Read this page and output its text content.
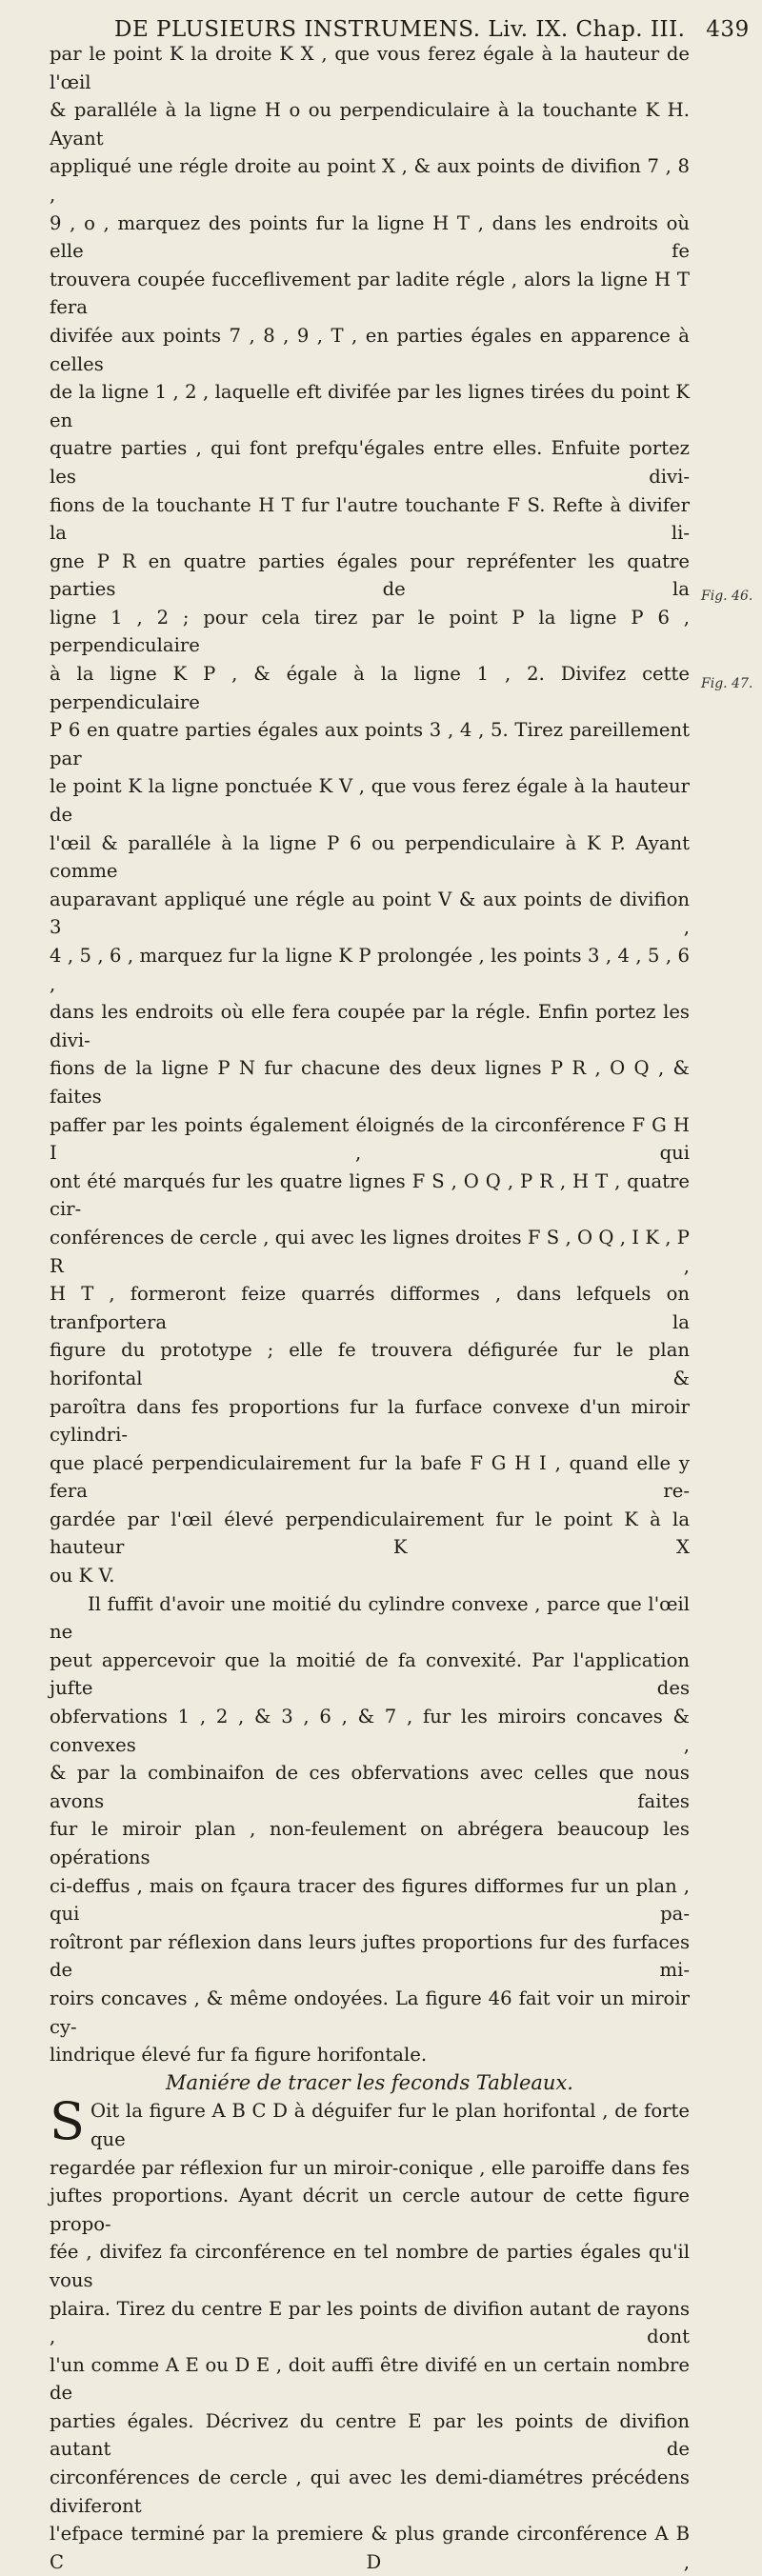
DE PLUSIEURS INSTRUMENS. Liv. IX. Chap. III. 439

par le point K la droite K X , que vous ferez égale à la hauteur de l'œil

& paralléle à la ligne H o ou perpendiculaire à la touchante K H. Ayant

appliqué une régle droite au point X , & aux points de divifion 7 , 8 ,

9 , o , marquez des points fur la ligne H T , dans les endroits où elle fe

trouvera coupée fucceflivement par ladite régle , alors la ligne H T fera

divifée aux points 7 , 8 , 9 , T , en parties égales en apparence à celles

de la ligne 1 , 2 , laquelle eft divifée par les lignes tirées du point K en

quatre parties , qui font prefqu'égales entre elles. Enfuite portez les divi-

fions de la touchante H T fur l'autre touchante F S. Refte à divifer la li-

gne P R en quatre parties égales pour repréfenter les quatre parties de la

ligne 1 , 2 ; pour cela tirez par le point P la ligne P 6 , perpendiculaire

à la ligne K P , & égale à la ligne 1 , 2. Divifez cette perpendiculaire

P 6 en quatre parties égales aux points 3 , 4 , 5. Tirez pareillement par

le point K la ligne ponctuée K V , que vous ferez égale à la hauteur de

l'œil & paralléle à la ligne P 6 ou perpendiculaire à K P. Ayant comme

auparavant appliqué une régle au point V & aux points de divifion 3 ,

4 , 5 , 6 , marquez fur la ligne K P prolongée , les points 3 , 4 , 5 , 6 ,

dans les endroits où elle fera coupée par la régle. Enfin portez les divi-

fions de la ligne P N fur chacune des deux lignes P R , O Q , & faites

paffer par les points également éloignés de la circonférence F G H I , qui

ont été marqués fur les quatre lignes F S , O Q , P R , H T , quatre cir-

conférences de cercle , qui avec les lignes droites F S , O Q , I K , P R ,

H T , formeront feize quarrés difformes , dans lefquels on tranfportera la

figure du prototype ; elle fe trouvera défigurée fur le plan horifontal &

paroîtra dans fes proportions fur la furface convexe d'un miroir cylindri-

que placé perpendiculairement fur la bafe F G H I , quand elle y fera re-

gardée par l'œil élevé perpendiculairement fur le point K à la hauteur K X

ou K V.

Il fuffit d'avoir une moitié du cylindre convexe , parce que l'œil ne

peut appercevoir que la moitié de fa convexité. Par l'application jufte des

obfervations 1 , 2 , & 3 , 6 , & 7 , fur les miroirs concaves & convexes ,

& par la combinaifon de ces obfervations avec celles que nous avons faites

fur le miroir plan , non-feulement on abrégera beaucoup les opérations

ci-deffus , mais on fçaura tracer des figures difformes fur un plan , qui pa-

roîtront par réflexion dans leurs juftes proportions fur des furfaces de mi-

roirs concaves , & même ondoyées. La figure 46 fait voir un miroir cy-

lindrique élevé fur fa figure horifontale.

Maniére de tracer les feconds Tableaux.

S Oit la figure A B C D à déguifer fur le plan horifontal , de forte que

regardée par réflexion fur un miroir-conique , elle paroiffe dans fes

juftes proportions. Ayant décrit un cercle autour de cette figure propo-

fée , divifez fa circonférence en tel nombre de parties égales qu'il vous

plaira. Tirez du centre E par les points de divifion autant de rayons , dont

l'un comme A E ou D E , doit auffi être divifé en un certain nombre de

parties égales. Décrivez du centre E par les points de divifion autant de

circonférences de cercle , qui avec les demi-diamétres précédens diviferont

l'efpace terminé par la premiere & plus grande circonférence A B C D ,

Fig. 46.
Fig. 47.
